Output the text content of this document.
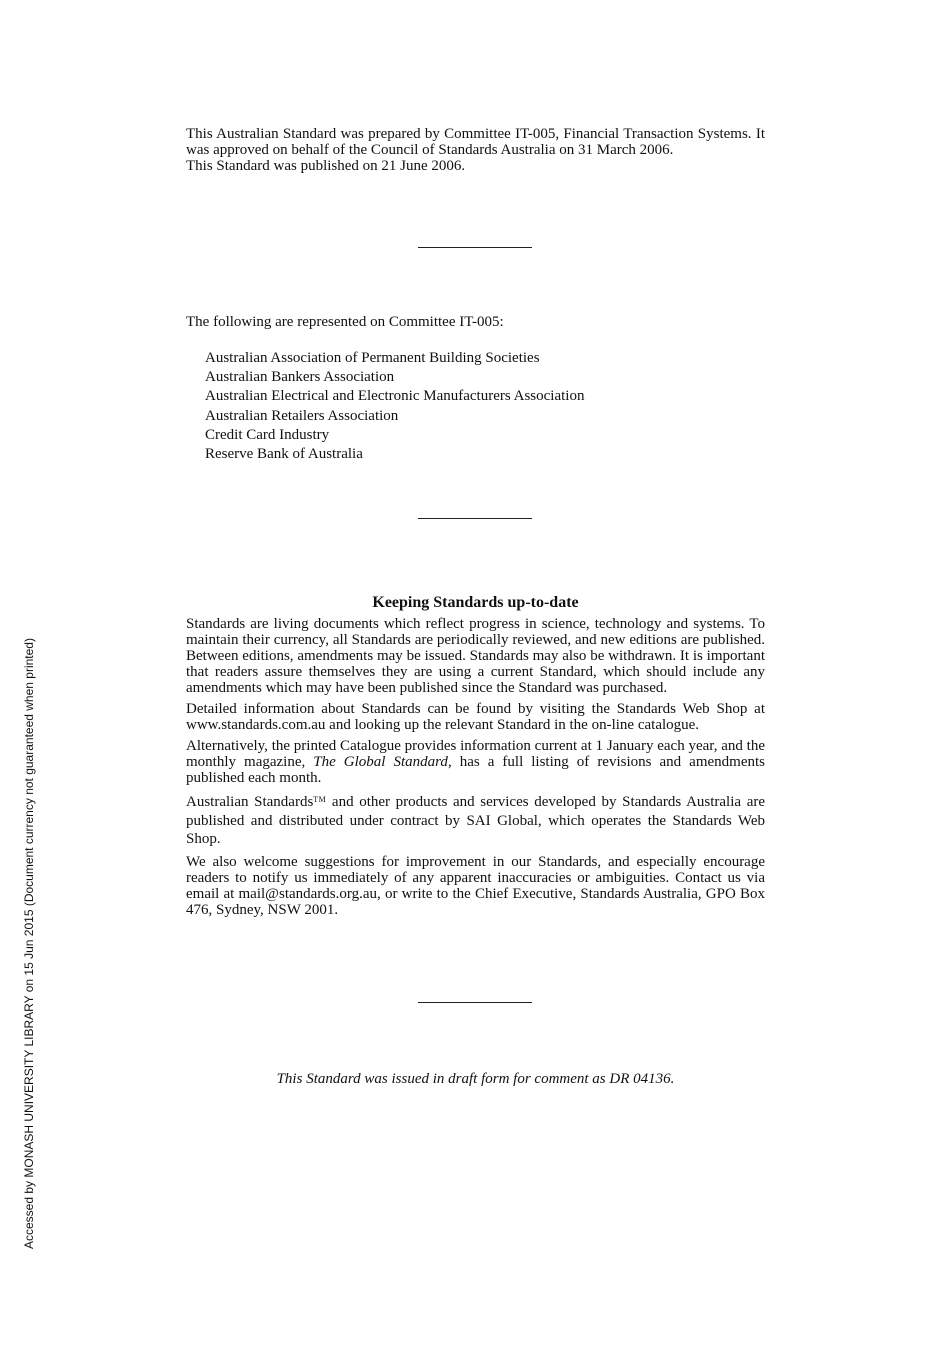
This Australian Standard was prepared by Committee IT-005, Financial Transaction Systems. It was approved on behalf of the Council of Standards Australia on 31 March 2006.

This Standard was published on 21 June 2006.

The following are represented on Committee IT-005:

Australian Association of Permanent Building Societies
Australian Bankers Association
Australian Electrical and Electronic Manufacturers Association
Australian Retailers Association
Credit Card Industry
Reserve Bank of Australia
Keeping Standards up-to-date

Standards are living documents which reflect progress in science, technology and systems. To maintain their currency, all Standards are periodically reviewed, and new editions are published. Between editions, amendments may be issued. Standards may also be withdrawn. It is important that readers assure themselves they are using a current Standard, which should include any amendments which may have been published since the Standard was purchased.

Detailed information about Standards can be found by visiting the Standards Web Shop at www.standards.com.au and looking up the relevant Standard in the on-line catalogue.

Alternatively, the printed Catalogue provides information current at 1 January each year, and the monthly magazine, The Global Standard, has a full listing of revisions and amendments published each month.

Australian Standards™ and other products and services developed by Standards Australia are published and distributed under contract by SAI Global, which operates the Standards Web Shop.

We also welcome suggestions for improvement in our Standards, and especially encourage readers to notify us immediately of any apparent inaccuracies or ambiguities. Contact us via email at mail@standards.org.au, or write to the Chief Executive, Standards Australia, GPO Box 476, Sydney, NSW 2001.

This Standard was issued in draft form for comment as DR 04136.

Accessed by MONASH UNIVERSITY LIBRARY on 15 Jun 2015 (Document currency not guaranteed when printed)
